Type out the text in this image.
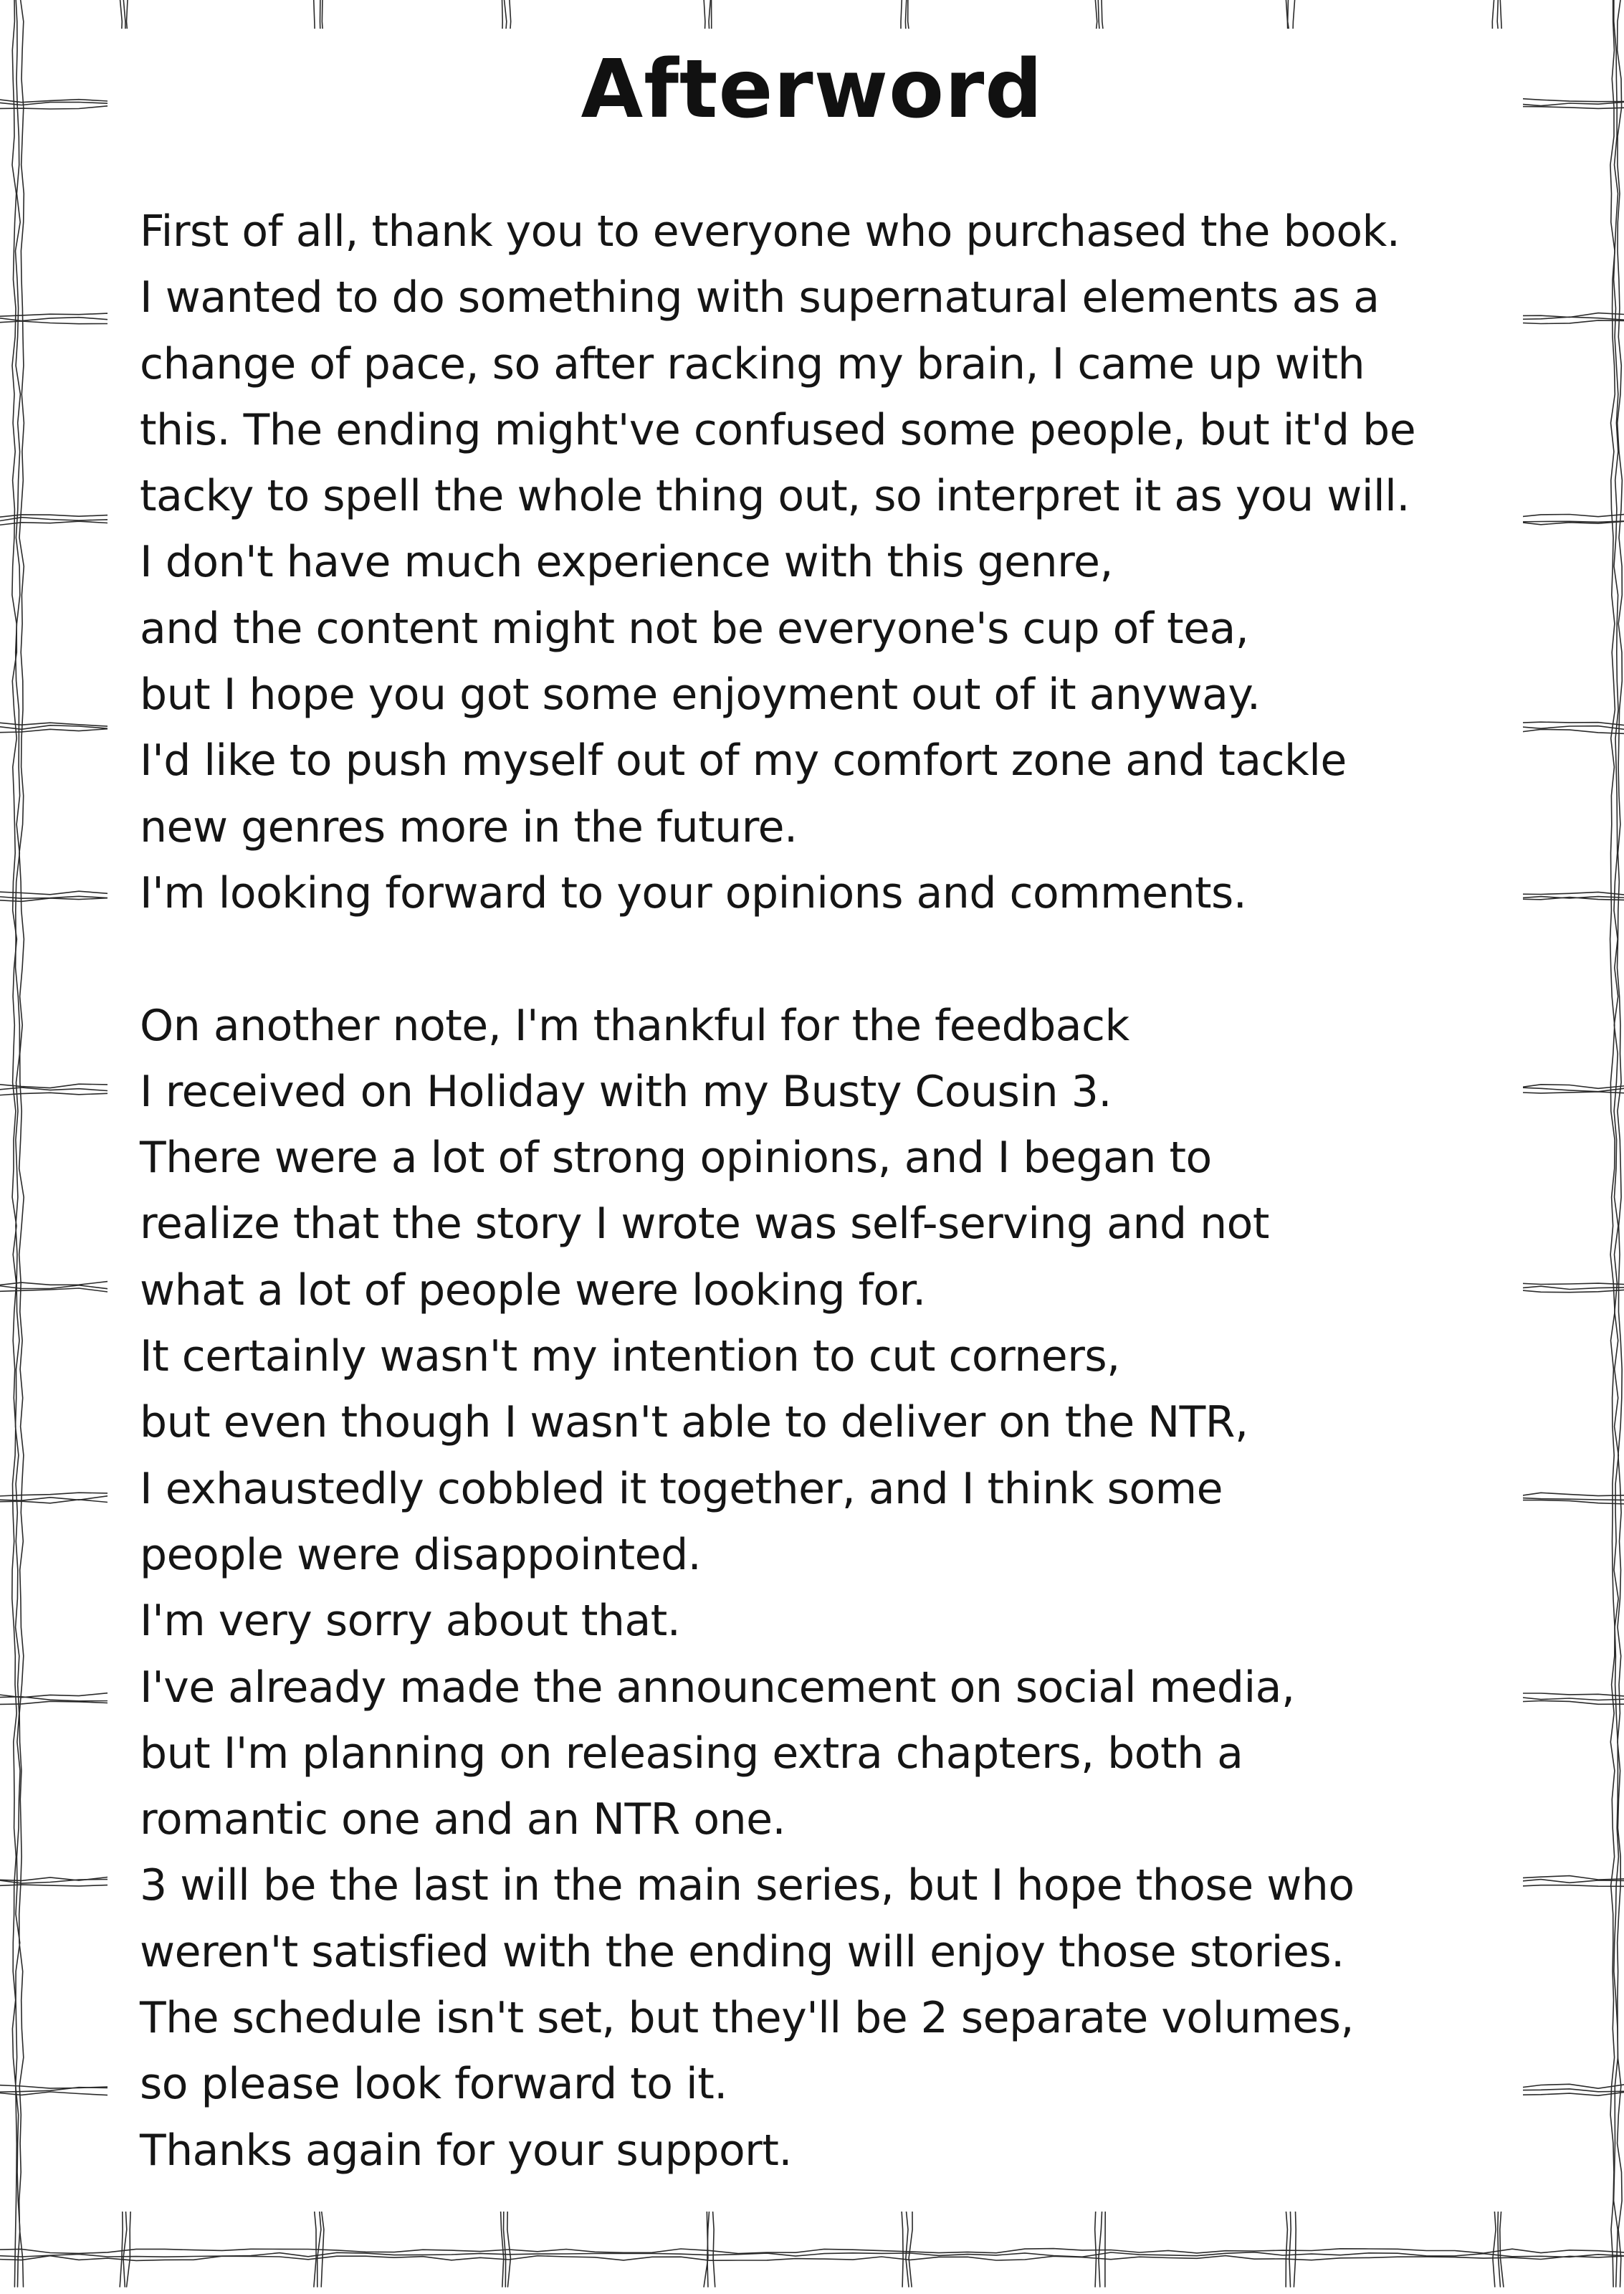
Afterword
First of all, thank you to everyone who purchased the book.
I wanted to do something with supernatural elements as a
change of pace, so after racking my brain, I came up with
this. The ending might've confused some people, but it'd be
tacky to spell the whole thing out, so interpret it as you will.
I don't have much experience with this genre,
and the content might not be everyone's cup of tea,
but I hope you got some enjoyment out of it anyway.
I'd like to push myself out of my comfort zone and tackle
new genres more in the future.
I'm looking forward to your opinions and comments.
On another note, I'm thankful for the feedback
I received on Holiday with my Busty Cousin 3.
There were a lot of strong opinions, and I began to
realize that the story I wrote was self-serving and not
what a lot of people were looking for.
It certainly wasn't my intention to cut corners,
but even though I wasn't able to deliver on the NTR,
I exhaustedly cobbled it together, and I think some
people were disappointed.
I'm very sorry about that.
I've already made the announcement on social media,
but I'm planning on releasing extra chapters, both a
romantic one and an NTR one.
3 will be the last in the main series, but I hope those who
weren't satisfied with the ending will enjoy those stories.
The schedule isn't set, but they'll be 2 separate volumes,
so please look forward to it.
Thanks again for your support.
